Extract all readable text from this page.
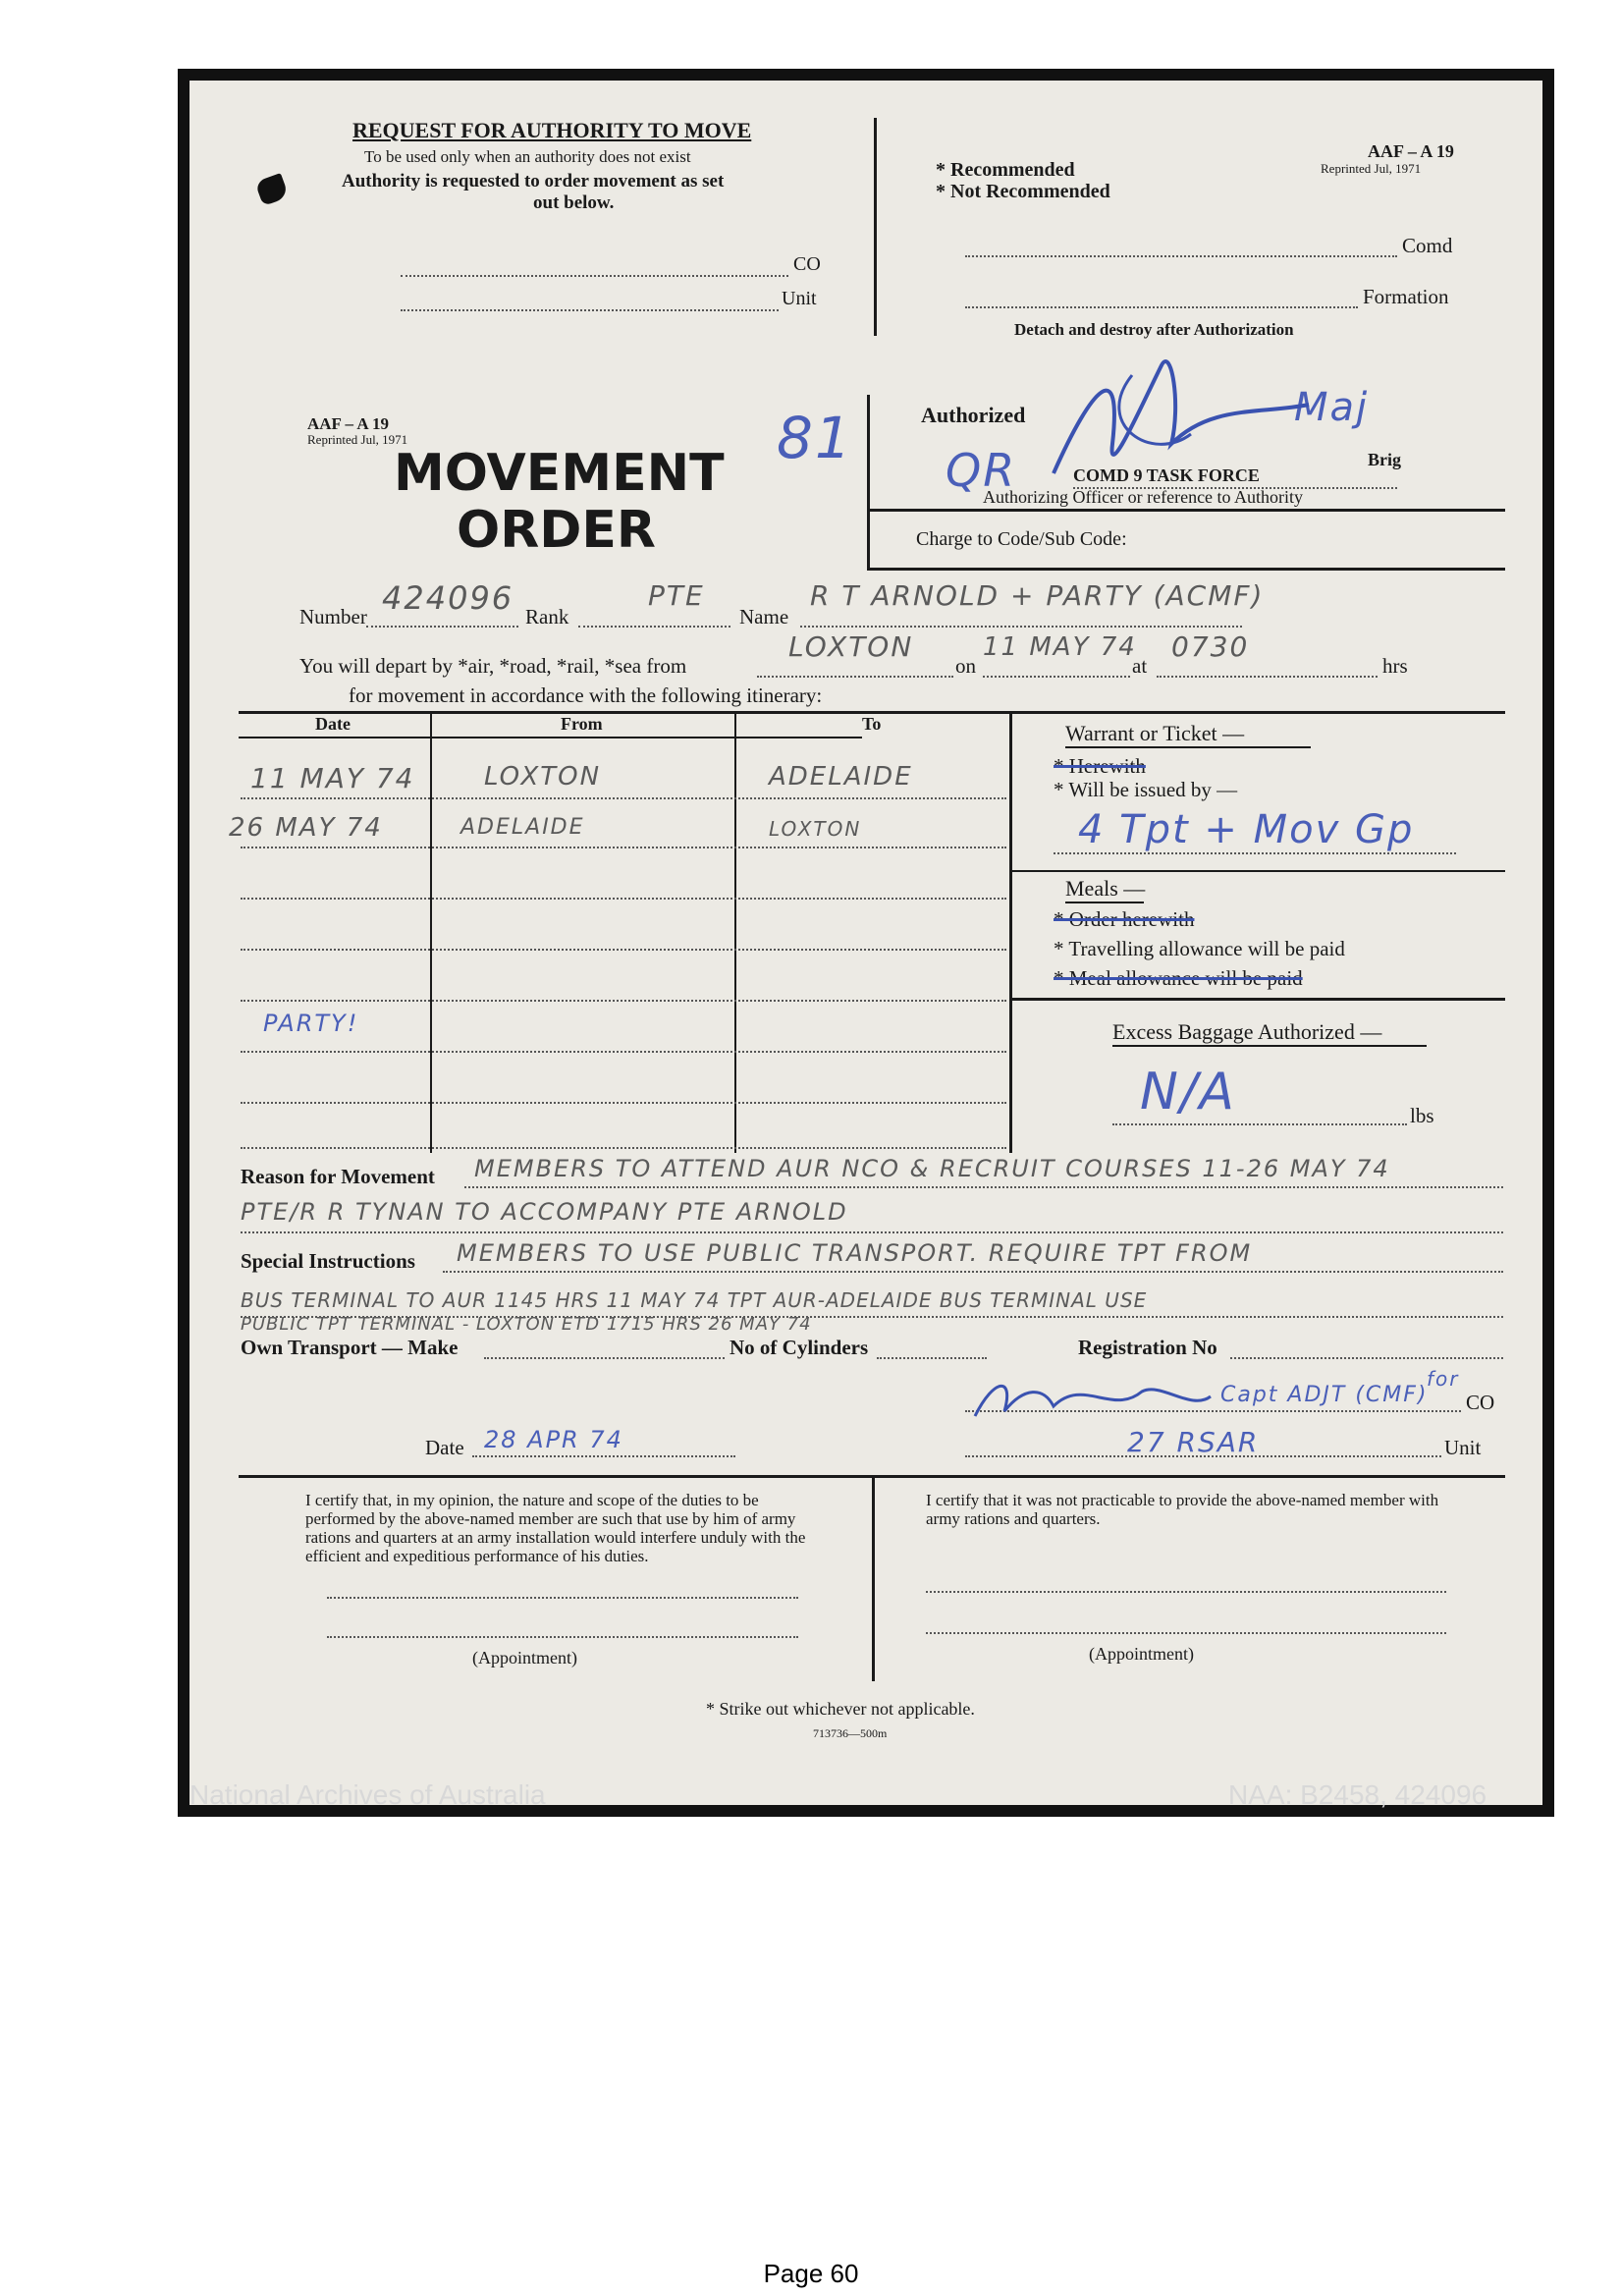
REQUEST FOR AUTHORITY TO MOVE
To be used only when an authority does not exist
Authority is requested to order movement as set
out below.
CO
Unit
AAF – A 19
Reprinted Jul, 1971
* Recommended
* Not Recommended
Comd
Formation
Detach and destroy after Authorization
AAF – A 19
Reprinted Jul, 1971
MOVEMENT
ORDER
81	Authorized
Brig
COMD 9 TASK FORCE
Authorizing Officer or reference to Authority
Charge to Code/Sub Code:
QR
Maj
Number 424096 Rank
PTE
Name
R T ARNOLD + PARTY (ACMF)
You will depart by *air, *road, *rail, *sea from
LOXTON
on
11 MAY 74
at
0730
hrs
for movement in accordance with the following itinerary:
Date	From	To
11 MAY 74	LOXTON	ADELAIDE
26 MAY 74	ADELAIDE	LOXTON
PARTY!
Warrant or Ticket —
* Herewith
* Will be issued by —
4 Tpt + Mov Gp
Meals —
* Order herewith
* Travelling allowance will be paid
* Meal allowance will be paid
Excess Baggage Authorized —
N/A	lbs
Reason for Movement MEMBERS TO ATTEND AUR NCO & RECRUIT COURSES 11-26 MAY 74
PTE/R R TYNAN TO ACCOMPANY PTE ARNOLD
Special Instructions MEMBERS TO USE PUBLIC TRANSPORT. REQUIRE TPT FROM
BUS TERMINAL TO AUR 1145 HRS 11 MAY 74 TPT AUR-ADELAIDE BUS TERMINAL USE
PUBLIC TPT TERMINAL - LOXTON ETD 1715 HRS 26 MAY 74
Own Transport — Make	No of Cylinders	Registration No
for
CO
Capt ADJT (CMF)
Unit
27 RSAR
Date 28 APR 74
I certify that, in my opinion, the nature and scope of the duties to be performed by the above-named member are such that use by him of army rations and quarters at an army installation would interfere unduly with the efficient and expeditious performance of his duties.
(Appointment)
I certify that it was not practicable to provide the above-named member with army rations and quarters.
(Appointment)
* Strike out whichever not applicable.
713736—500m
National Archives of Australia	NAA: B2458, 424096
Page 60
